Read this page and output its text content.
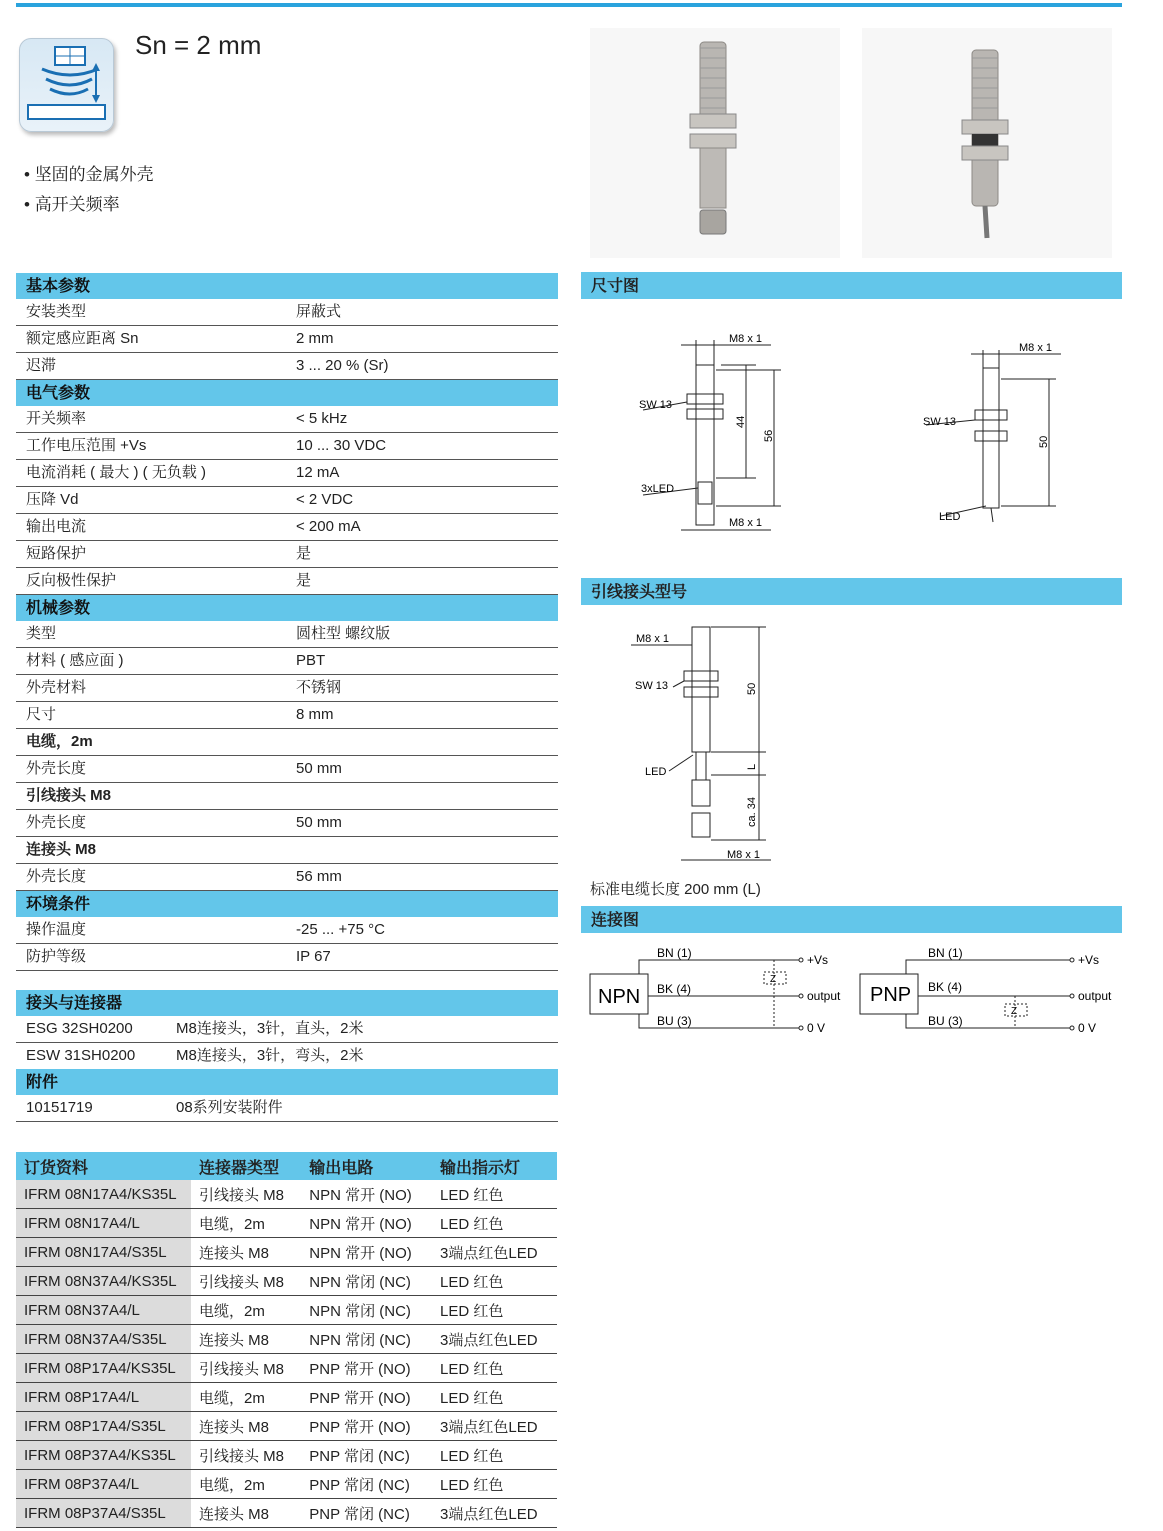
Sn = 2 mm
• 坚固的金属外壳
• 高开关频率
基本参数
安装类型	屏蔽式
额定感应距离 Sn	2 mm
迟滞	3 ... 20 % (Sr)
电气参数
开关频率	< 5 kHz
工作电压范围 +Vs	10 ... 30 VDC
电流消耗 ( 最大 ) ( 无负载 )	12 mA
压降 Vd	< 2 VDC
输出电流	< 200 mA
短路保护	是
反向极性保护	是
机械参数
类型	圆柱型 螺纹版
材料 ( 感应面 )	PBT
外壳材料	不锈钢
尺寸	8 mm
电缆，2m
外壳长度	50 mm
引线接头 M8
外壳长度	50 mm
连接头 M8
外壳长度	56 mm
环境条件
操作温度	-25 ... +75 °C
防护等级	IP 67
接头与连接器
ESG 32SH0200	M8连接头，3针，直头，2米
ESW 31SH0200	M8连接头，3针，弯头，2米
附件
10151719	08系列安装附件
订货资料	连接器类型	输出电路	输出指示灯
IFRM 08N17A4/KS35L	引线接头 M8	NPN 常开 (NO)	LED 红色
IFRM 08N17A4/L	电缆，2m	NPN 常开 (NO)	LED 红色
IFRM 08N17A4/S35L	连接头 M8	NPN 常开 (NO)	3端点红色LED
IFRM 08N37A4/KS35L	引线接头 M8	NPN 常闭 (NC)	LED 红色
IFRM 08N37A4/L	电缆，2m	NPN 常闭 (NC)	LED 红色
IFRM 08N37A4/S35L	连接头 M8	NPN 常闭 (NC)	3端点红色LED
IFRM 08P17A4/KS35L	引线接头 M8	PNP 常开 (NO)	LED 红色
IFRM 08P17A4/L	电缆，2m	PNP 常开 (NO)	LED 红色
IFRM 08P17A4/S35L	连接头 M8	PNP 常开 (NO)	3端点红色LED
IFRM 08P37A4/KS35L	引线接头 M8	PNP 常闭 (NC)	LED 红色
IFRM 08P37A4/L	电缆，2m	PNP 常闭 (NC)	LED 红色
IFRM 08P37A4/S35L	连接头 M8	PNP 常闭 (NC)	3端点红色LED
尺寸图
M8 x 1
M8 x 1
SW 13
3xLED
44
56
M8 x 1
SW 13
LED
50
引线接头型号
M8 x 1
SW 13
LED
M8 x 1
50
L
ca. 34
标准电缆长度 200 mm (L)
连接图
NPN
BN (1)
BK (4)
BU (3)
Z
+Vs
output
0 V
PNP
BN (1)
BK (4)
BU (3)
Z
+Vs
output
0 V
